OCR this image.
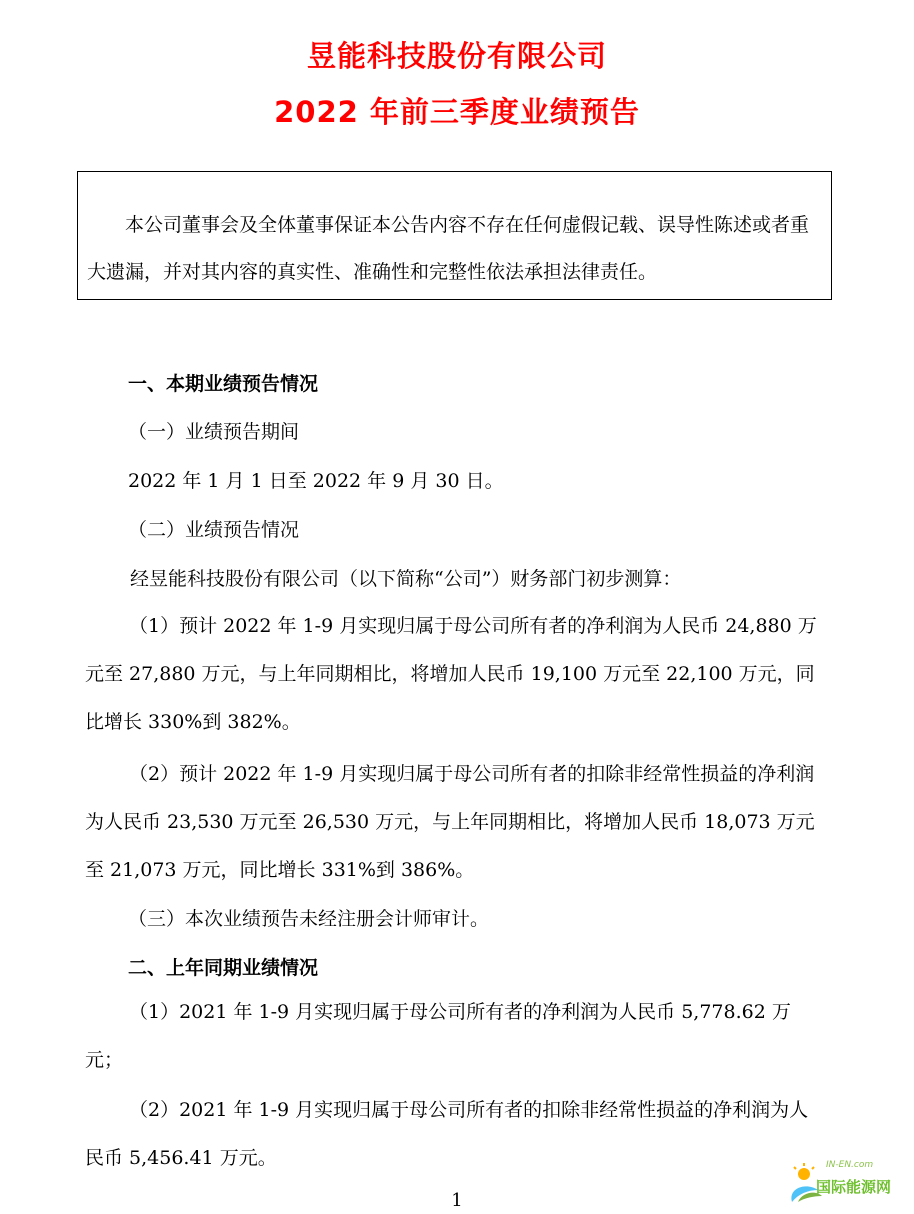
昱能科技股份有限公司
2022 年前三季度业绩预告

本公司董事会及全体董事保证本公告内容不存在任何虚假记载、误导性陈述或者重大遗漏，并对其内容的真实性、准确性和完整性依法承担法律责任。

一、本期业绩预告情况

（一）业绩预告期间

2022 年 1 月 1 日至 2022 年 9 月 30 日。

（二）业绩预告情况

经昱能科技股份有限公司（以下简称“公司”）财务部门初步测算：

（1）预计 2022 年 1-9 月实现归属于母公司所有者的净利润为人民币 24,880 万元至 27,880 万元，与上年同期相比，将增加人民币 19,100 万元至 22,100 万元，同比增长 330%到 382%。

（2）预计 2022 年 1-9 月实现归属于母公司所有者的扣除非经常性损益的净利润为人民币 23,530 万元至 26,530 万元，与上年同期相比，将增加人民币 18,073 万元至 21,073 万元，同比增长 331%到 386%。

（三）本次业绩预告未经注册会计师审计。

二、上年同期业绩情况

（1）2021 年 1-9 月实现归属于母公司所有者的净利润为人民币 5,778.62 万元；

（2）2021 年 1-9 月实现归属于母公司所有者的扣除非经常性损益的净利润为人民币 5,456.41 万元。

1
IN-EN.com
国际能源网
